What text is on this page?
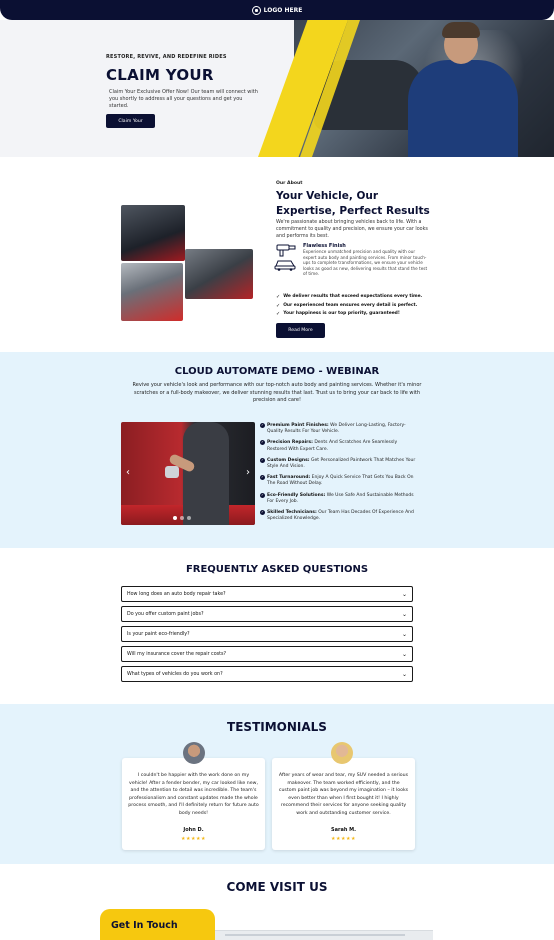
LOGO HERE
RESTORE, REVIVE, AND REDEFINE RIDES
CLAIM YOUR

Claim Your Exclusive Offer Now! Our team will connect with you shortly to address all your questions and get you started.

Claim Your
Our About
Your Vehicle, Our Expertise, Perfect Results

We're passionate about bringing vehicles back to life. With a commitment to quality and precision, we ensure your car looks and performs its best.

Flawless Finish
Experience unmatched precision and quality with our expert auto body and painting services. From minor touch-ups to complete transformations, we ensure your vehicle looks as good as new, delivering results that stand the test of time.
✓ We deliver results that exceed expectations every time.
✓ Our experienced team ensures every detail is perfect.
✓ Your happiness is our top priority, guaranteed!
Read More
CLOUD AUTOMATE DEMO - WEBINAR

Revive your vehicle's look and performance with our top-notch auto body and painting services. Whether it's minor scratches or a full-body makeover, we deliver stunning results that last. Trust us to bring your car back to life with precision and care!

‹	›
✓ Premium Paint Finishes: We Deliver Long-Lasting, Factory-Quality Results For Your Vehicle.
✓ Precision Repairs: Dents And Scratches Are Seamlessly Restored With Expert Care.
✓ Custom Designs: Get Personalized Paintwork That Matches Your Style And Vision.
✓ Fast Turnaround: Enjoy A Quick Service That Gets You Back On The Road Without Delay.
✓ Eco-Friendly Solutions: We Use Safe And Sustainable Methods For Every Job.
✓ Skilled Technicians: Our Team Has Decades Of Experience And Specialized Knowledge.
FREQUENTLY ASKED QUESTIONS
How long does an auto body repair take?	⌄
Do you offer custom paint jobs?	⌄
Is your paint eco-friendly?	⌄
Will my insurance cover the repair costs?	⌄
What types of vehicles do you work on?	⌄
TESTIMONIALS

I couldn't be happier with the work done on my vehicle! After a fender bender, my car looked like new, and the attention to detail was incredible. The team's professionalism and constant updates made the whole process smooth, and I'll definitely return for future auto body needs!

John D.
★★★★★

After years of wear and tear, my SUV needed a serious makeover. The team worked efficiently, and the custom paint job was beyond my imagination – it looks even better than when I first bought it! I highly recommend their services for anyone seeking quality work and outstanding customer service.

Sarah M.
★★★★★
COME VISIT US
Get In Touch
